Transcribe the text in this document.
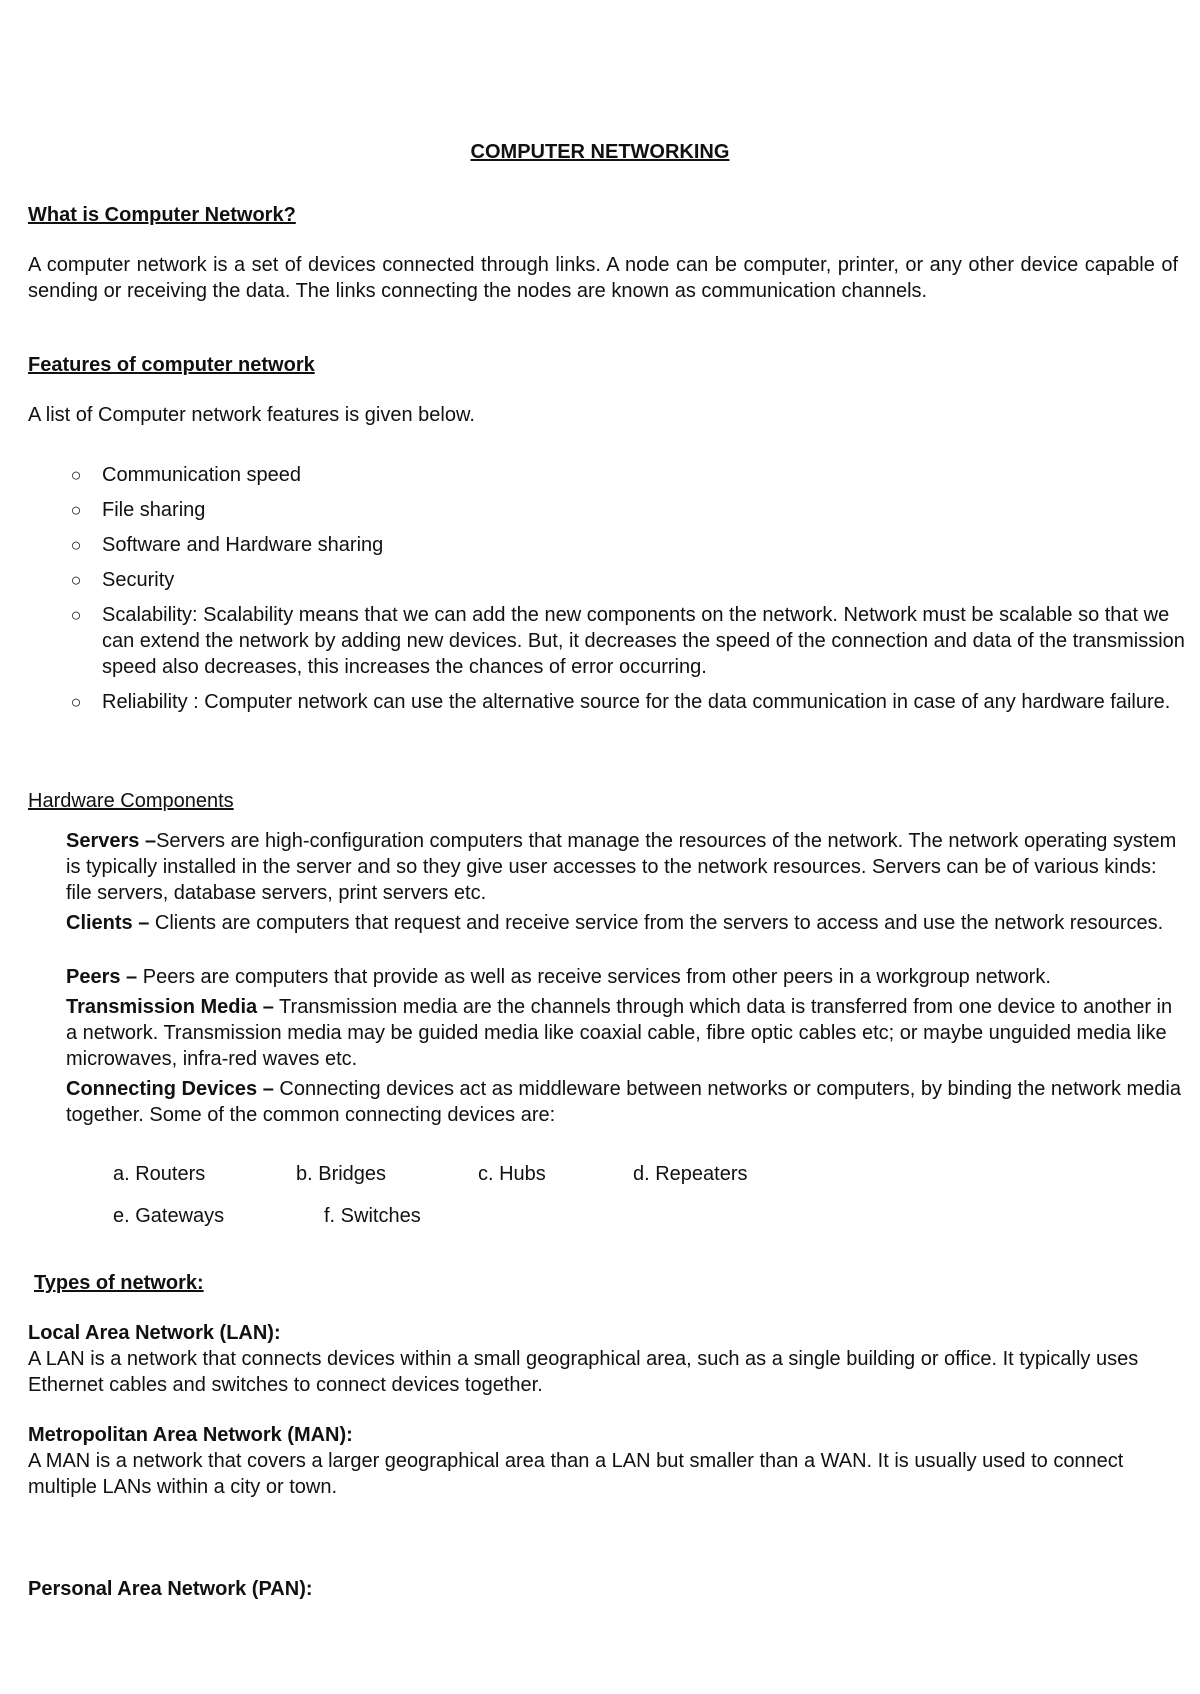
COMPUTER NETWORKING
What is Computer Network?
A computer network is a set of devices connected through links. A node can be computer, printer, or any other device capable of sending or receiving the data. The links connecting the nodes are known as communication channels.
Features of computer network
A list of Computer network features is given below.
○ Communication speed
○ File sharing
○ Software and Hardware sharing
○ Security
○ Scalability: Scalability means that we can add the new components on the network. Network must be scalable so that we can extend the network by adding new devices. But, it decreases the speed of the connection and data of the transmission speed also decreases, this increases the chances of error occurring.
○ Reliability : Computer network can use the alternative source for the data communication in case of any hardware failure.
Hardware Components
Servers –Servers are high-configuration computers that manage the resources of the network. The network operating system is typically installed in the server and so they give user accesses to the network resources. Servers can be of various kinds: file servers, database servers, print servers etc.
Clients – Clients are computers that request and receive service from the servers to access and use the network resources.
Peers – Peers are computers that provide as well as receive services from other peers in a workgroup network.
Transmission Media – Transmission media are the channels through which data is transferred from one device to another in a network. Transmission media may be guided media like coaxial cable, fibre optic cables etc; or maybe unguided media like microwaves, infra-red waves etc.
Connecting Devices – Connecting devices act as middleware between networks or computers, by binding the network media together. Some of the common connecting devices are:
a. Routers	b. Bridges	c. Hubs	d. Repeaters
e. Gateways	f. Switches
Types of network:
Local Area Network (LAN):
A LAN is a network that connects devices within a small geographical area, such as a single building or office. It typically uses Ethernet cables and switches to connect devices together.
Metropolitan Area Network (MAN):
A MAN is a network that covers a larger geographical area than a LAN but smaller than a WAN. It is usually used to connect multiple LANs within a city or town.
Personal Area Network (PAN):
